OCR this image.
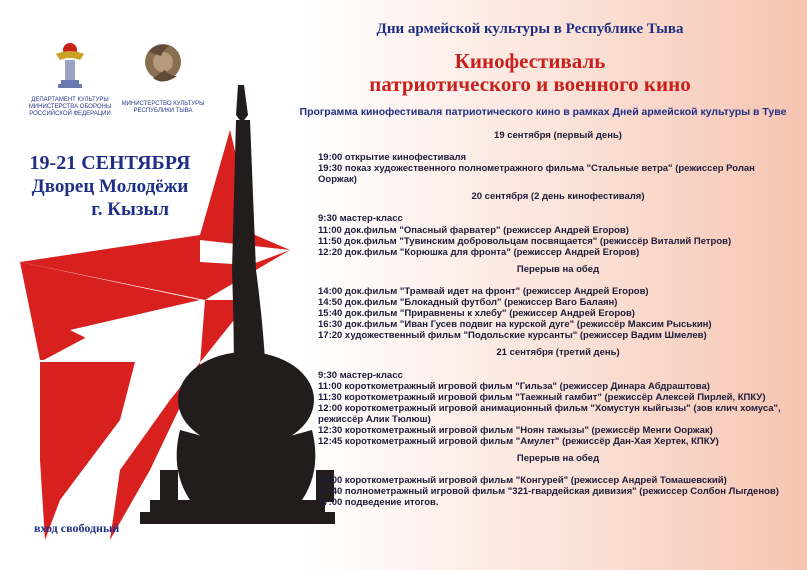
ДЕПАРТАМЕНТ КУЛЬТУРЫ
МИНИСТЕРСТВА ОБОРОНЫ
РОССИЙСКОЙ ФЕДЕРАЦИИ
МИНИСТЕРСТВО КУЛЬТУРЫ
РЕСПУБЛИКИ ТЫВА
Дни армейской культуры в Республике Тыва
Кинофестиваль
патриотического и военного кино
Программа кинофестиваля патриотического кино в рамках Дней армейской культуры в Туве
19-21 СЕНТЯБРЯ
Дворец Молодёжи
г. Кызыл
вход свободный
19 сентября (первый день)
19:00 открытие кинофестиваля
19:30 показ художественного полнометражного фильма "Стальные ветра" (режиссер Ролан
Ооржак)
20 сентября (2 день кинофестиваля)
9:30 мастер-класс
11:00 док.фильм "Опасный фарватер" (режиссер Андрей Егоров)
11:50 док.фильм "Тувинским добровольцам посвящается" (режиссёр Виталий Петров)
12:20 док.фильм "Корюшка для фронта" (режиссер Андрей Егоров)
Перерыв на обед
14:00 док.фильм "Трамвай идет на фронт" (режиссер Андрей Егоров)
14:50 док.фильм "Блокадный футбол" (режиссер Ваго Балаян)
15:40 док.фильм "Приравнены к хлебу" (режиссер Андрей Егоров)
16:30 док.фильм "Иван Гусев подвиг на курской дуге" (режиссёр Максим Рыськин)
17:20 художественный фильм "Подольские курсанты" (режиссер Вадим Шмелев)
21 сентября (третий день)
9:30 мастер-класс
11:00 короткометражный игровой фильм "Гильза" (режиссер Динара Абдраштова)
11:30 короткометражный игровой фильм "Таежный гамбит" (режиссёр Алексей Пирлей, КПКУ)
12:00 короткометражный игровой анимационный фильм "Хомустун кыйгызы" (зов клич хомуса",
режиссёр Алик Тюлюш)
12:30 короткометражный игровой фильм "Ноян тажызы" (режиссёр Менги Ооржак)
12:45 короткометражный игровой фильм "Амулет" (режиссёр Дан-Хая Хертек, КПКУ)
Перерыв на обед
14:00 короткометражный игровой фильм "Конгурей" (режиссер Андрей Томашевский)
14:40 полнометражный игровой фильм "321-гвардейская дивизия" (режиссер Солбон Лыгденов)
17:00 подведение итогов.
